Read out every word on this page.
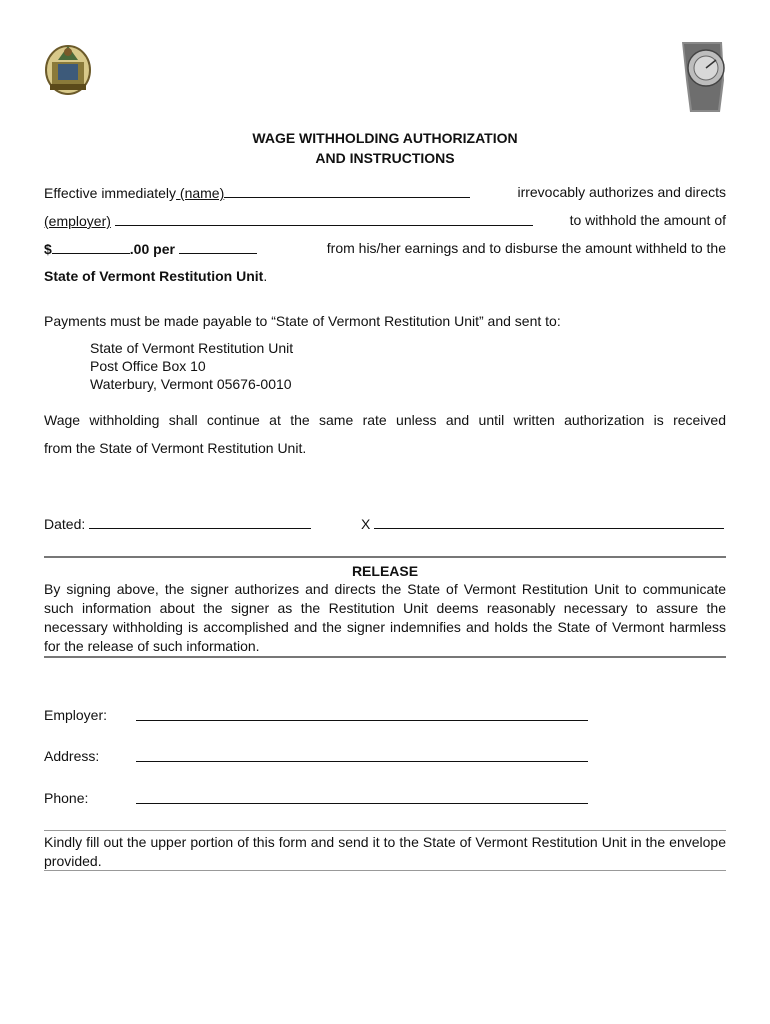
WAGE WITHHOLDING AUTHORIZATION
AND INSTRUCTIONS
Effective immediately (name)	irrevocably authorizes and directs
(employer)	to withhold the amount of
$	.00 per	from his/her earnings and to disburse the amount withheld to the
State of Vermont Restitution Unit.
Payments must be made payable to “State of Vermont Restitution Unit” and sent to:
State of Vermont Restitution Unit
Post Office Box 10
Waterbury, Vermont 05676-0010
Wage withholding shall continue at the same rate unless and until written authorization is received
from the State of Vermont Restitution Unit.
Dated:	X
RELEASE
By signing above, the signer authorizes and directs the State of Vermont Restitution Unit to communicate such information about the signer as the Restitution Unit deems reasonably necessary to assure the necessary withholding is accomplished and the signer indemnifies and holds the State of Vermont harmless for the release of such information.
Employer:
Address:
Phone:
Kindly fill out the upper portion of this form and send it to the State of Vermont Restitution Unit in the envelope provided.
